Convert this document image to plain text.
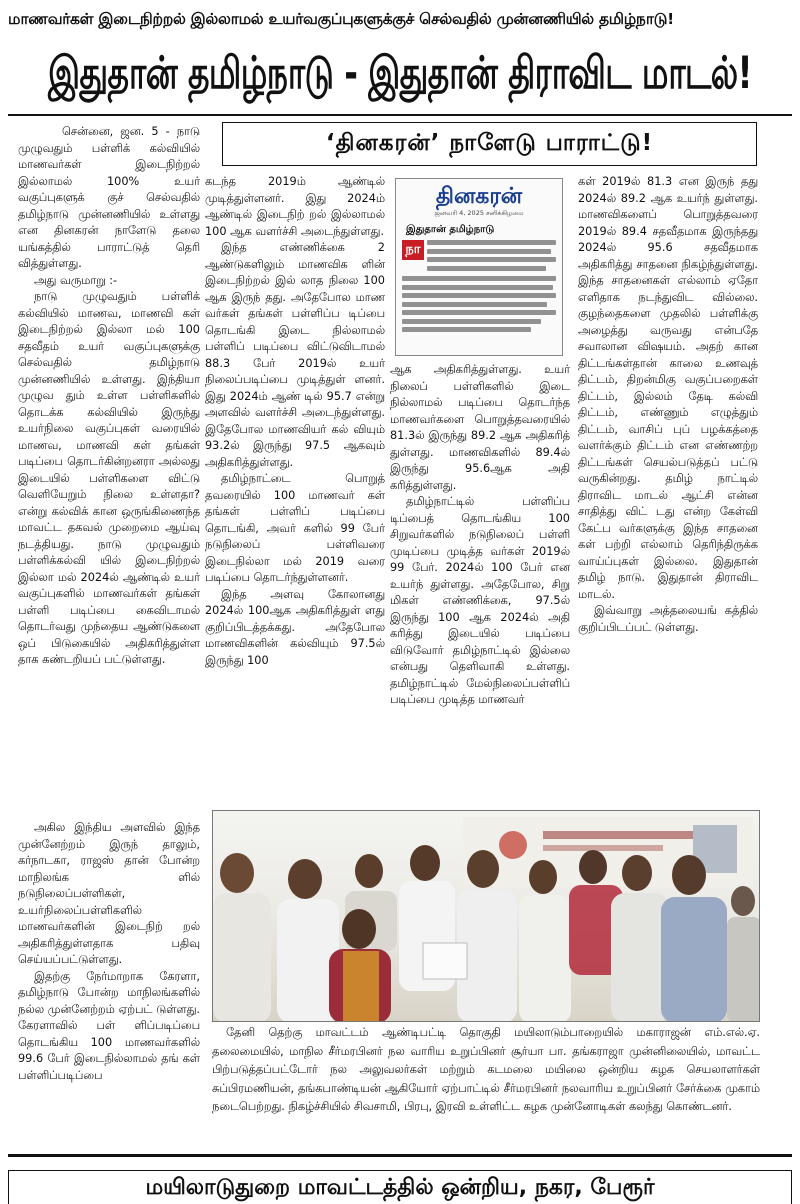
மாணவர்கள் இடைநிற்றல் இல்லாமல் உயர்வகுப்புகளுக்குச் செல்வதில் முன்னணியில் தமிழ்நாடு!
இதுதான் தமிழ்நாடு - இதுதான் திராவிட மாடல்!

சென்னை, ஜன. 5 - நாடு முழுவதும் பள்ளிக் கல்வியில் மாணவர்கள் இடைநிற்றல் இல்லாமல் 100% உயர் வகுப்புகளுக் குச் செல்வதில் தமிழ்நாடு முன்னணியில் உள்ளது என தினகரன் நாளேடு தலை யங்கத்தில் பாராட்டுத் தெரி வித்துள்ளது.

அது வருமாறு :-

நாடு முழுவதும் பள்ளிக் கல்வியில் மாணவ, மாணவி கள் இடைநிற்றல் இல்லா மல் 100 சதவீதம் உயர் வகுப்புகளுக்கு செல்வதில் தமிழ்நாடு முன்னணியில் உள்ளது. இந்தியா முழுவ தும் உள்ள பள்ளிகளில் தொடக்க கல்வியில் இருந்து உயர்நிலை வகுப்புகள் வரையில் மாணவ, மாணவி கள் தங்கள் படிப்பை தொடர்கின்றனரா அல்லது இடையில் பள்ளிகளை விட்டு வெளியேறும் நிலை உள்ளதா? என்று கல்விக் கான ஒருங்கிணைந்த மாவட்ட தகவல் முறைமை ஆய்வு நடத்தியது. நாடு முழுவதும் பள்ளிக்கல்வி யில் இடைநிற்றல் இல்லா மல் 2024ல் ஆண்டில் உயர் வகுப்புகளில் மாணவர்கள் தங்கள் பள்ளி படிப்பை கைவிடாமல் தொடர்வது முந்தைய ஆண்டுகளை ஒப் பிடுகையில் அதிகரித்துள்ள தாக கண்டறியப் பட்டுள்ளது.

அகில இந்திய அளவில் இந்த முன்னேற்றம் இருந் தாலும், கர்நாடகா, ராஜஸ் தான் போன்ற மாநிலங்க ளில் நடுநிலைப்பள்ளிகள், உயர்நிலைப்பள்ளிகளில் மாணவர்களின் இடைநிற் றல் அதிகரித்துள்ளதாக பதிவு செய்யப்பட்டுள்ளது.

இதற்கு நேர்மாறாக கேரளா, தமிழ்நாடு போன்ற மாநிலங்களில் நல்ல முன்னேற்றம் ஏற்பட் டுள்ளது. கேரளாவில் பள் ளிப்படிப்பை தொடங்கிய 100 மாணவர்களில் 99.6 பேர் இடைநில்லாமல் தங் கள் பள்ளிப்படிப்பை

‘தினகரன்’ நாளேடு பாராட்டு!

கடந்த 2019ம் ஆண்டில் முடித்துள்ளனர். இது 2024ம் ஆண்டில் இடைநிற் றல் இல்லாமல் 100 ஆக வளர்ச்சி அடைந்துள்ளது.

இந்த எண்ணிக்கை 2 ஆண்டுகளிலும் மாணவிக ளின் இடைநிற்றல் இல் லாத நிலை 100 ஆக இருந் தது. அதேபோல மாண வர்கள் தங்கள் பள்ளிப்ப டிப்பை தொடங்கி இடை நில்லாமல் பள்ளிப் படிப்பை விட்டுவிடாமல் 88.3 பேர் 2019ல் உயர் நிலைப்படிப்பை முடித்துள் ளனர். இது 2024ம் ஆண் டில் 95.7 என்று அளவில் வளர்ச்சி அடைந்துள்ளது. இதேபோல மாணவியர் கல் வியும் 93.2ல் இருந்து 97.5 ஆகவும் அதிகரித்துள்ளது.

தமிழ்நாட்டை பொறுத் தவரையில் 100 மாணவர் கள் தங்கள் பள்ளிப் படிப்பை தொடங்கி, அவர் களில் 99 பேர் நடுநிலைப் பள்ளிவரை இடைநில்லா மல் 2019 வரை படிப்பை தொடர்ந்துள்ளனர்.

இந்த அளவு கோலானது 2024ல் 100ஆக அதிகரித்துள் ளது குறிப்பிடத்தக்கது. அதேபோல மாணவிகளின் கல்வியும் 97.5ல் இருந்து 100

தினகரன்
ஜனவரி 4, 2025 சனிக்கிழமை
இதுதான் தமிழ்நாடு
நா

ஆக அதிகரித்துள்ளது. உயர் நிலைப் பள்ளிகளில் இடை நில்லாமல் படிப்பை தொடர்ந்த மாணவர்களை பொறுத்தவரையில் 81.3ல் இருந்து 89.2 ஆக அதிகரித் துள்ளது. மாணவிகளில் 89.4ல் இருந்து 95.6ஆக அதி கரித்துள்ளது.

தமிழ்நாட்டில் பள்ளிப்ப டிப்பைத் தொடங்கிய 100 சிறுவர்களில் நடுநிலைப் பள்ளி முடிப்பை முடித்த வர்கள் 2019ல் 99 பேர். 2024ல் 100 பேர் என உயர்ந் துள்ளது. அதேபோல, சிறு மிகள் எண்ணிக்கை, 97.5ல் இருந்து 100 ஆக 2024ல் அதி கரித்து இடையில் படிப்பை விடுவோர் தமிழ்நாட்டில் இல்லை என்பது தெளிவாகி உள்ளது. தமிழ்நாட்டில் மேல்நிலைப்பள்ளிப் படிப்பை முடித்த மாணவர்

கள் 2019ல் 81.3 என இருந் தது 2024ல் 89.2 ஆக உயர்ந் துள்ளது. மாணவிகளைப் பொறுத்தவரை 2019ல் 89.4 சதவீதமாக இருந்தது 2024ல் 95.6 சதவீதமாக அதிகரித்து சாதனை நிகழ்ந்துள்ளது. இந்த சாதனைகள் எல்லாம் ஏதோ எளிதாக நடந்துவிட வில்லை. குழந்தைகளை முதலில் பள்ளிக்கு அழைத்து வருவது என்பதே சவாலான விஷயம். அதற் கான திட்டங்கள்தான் காலை உணவுத் திட்டம், திறன்மிகு வகுப்பறைகள் திட்டம், இல்லம் தேடி கல்வி திட்டம், எண்ணும் எழுத்தும் திட்டம், வாசிப் புப் பழக்கத்தை வளர்க்கும் திட்டம் என எண்ணற்ற திட்டங்கள் செயல்படுத்தப் பட்டு வருகின்றது. தமிழ் நாட்டில் திராவிட மாடல் ஆட்சி என்ன சாதித்து விட் டது என்ற கேள்வி கேட்ப வர்களுக்கு இந்த சாதனை கள் பற்றி எல்லாம் தெரிந்திருக்க வாய்ப்புகள் இல்லை. இதுதான் தமிழ் நாடு. இதுதான் திராவிட மாடல்.

இவ்வாறு அத்தலையங் கத்தில் குறிப்பிடப்பட் டுள்ளது.

தேனி தெற்கு மாவட்டம் ஆண்டிபட்டி தொகுதி மயிலாடும்பாறையில் மகாராஜன் எம்.எல்.ஏ. தலைமையில், மாநில சீர்மரபினர் நல வாரிய உறுப்பினர் சூர்யா பா. தங்கராஜா முன்னிலையில், மாவட்ட பிற்படுத்தப்பட்டோர் நல அலுவலர்கள் மற்றும் கடமலை மயிலை ஒன்றிய கழக செயலாளர்கள் சுப்பிரமணியன், தங்கபாண்டியன் ஆகியோர் ஏற்பாட்டில் சீர்மரபினர் நலவாரிய உறுப்பினர் சேர்க்கை முகாம் நடைபெற்றது. நிகழ்ச்சியில் சிவசாமி, பிரபு, இரவி உள்ளிட்ட கழக முன்னோடிகள் கலந்து கொண்டனர்.

மயிலாடுதுறை மாவட்டத்தில் ஒன்றிய, நகர, பேரூர்
